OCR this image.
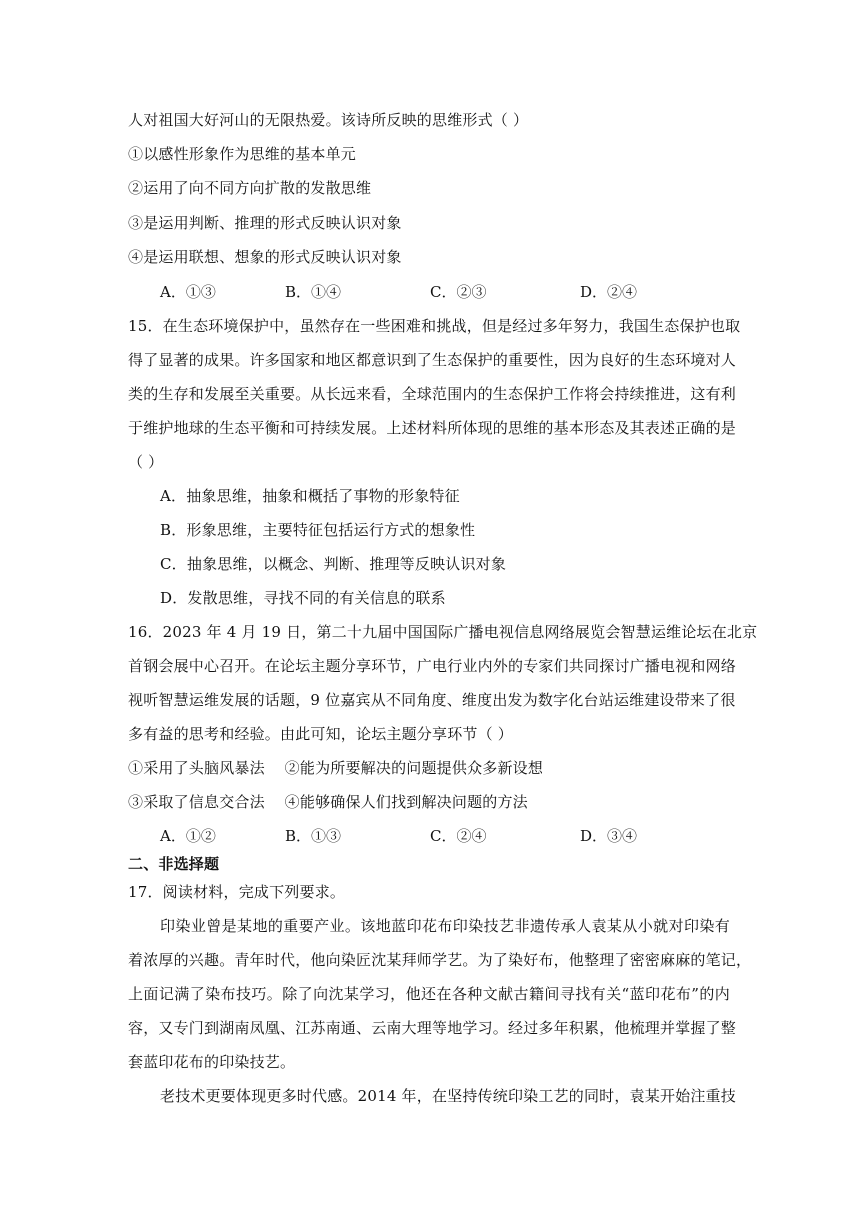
人对祖国大好河山的无限热爱。该诗所反映的思维形式（ ）
①以感性形象作为思维的基本单元
②运用了向不同方向扩散的发散思维
③是运用判断、推理的形式反映认识对象
④是运用联想、想象的形式反映认识对象
A．①③	B．①④	C．②③	D．②④
15．在生态环境保护中，虽然存在一些困难和挑战，但是经过多年努力，我国生态保护也取
得了显著的成果。许多国家和地区都意识到了生态保护的重要性，因为良好的生态环境对人
类的生存和发展至关重要。从长远来看，全球范围内的生态保护工作将会持续推进，这有利
于维护地球的生态平衡和可持续发展。上述材料所体现的思维的基本形态及其表述正确的是
（ ）
A．抽象思维，抽象和概括了事物的形象特征
B．形象思维，主要特征包括运行方式的想象性
C．抽象思维，以概念、判断、推理等反映认识对象
D．发散思维，寻找不同的有关信息的联系
16．2023 年 4 月 19 日，第二十九届中国国际广播电视信息网络展览会智慧运维论坛在北京
首钢会展中心召开。在论坛主题分享环节，广电行业内外的专家们共同探讨广播电视和网络
视听智慧运维发展的话题，9 位嘉宾从不同角度、维度出发为数字化台站运维建设带来了很
多有益的思考和经验。由此可知，论坛主题分享环节（ ）
①采用了头脑风暴法    ②能为所要解决的问题提供众多新设想
③采取了信息交合法    ④能够确保人们找到解决问题的方法
A．①②	B．①③	C．②④	D．③④
二、非选择题
17．阅读材料，完成下列要求。
印染业曾是某地的重要产业。该地蓝印花布印染技艺非遗传承人袁某从小就对印染有
着浓厚的兴趣。青年时代，他向染匠沈某拜师学艺。为了染好布，他整理了密密麻麻的笔记，
上面记满了染布技巧。除了向沈某学习，他还在各种文献古籍间寻找有关“蓝印花布”的内
容，又专门到湖南凤凰、江苏南通、云南大理等地学习。经过多年积累，他梳理并掌握了整
套蓝印花布的印染技艺。
老技术更要体现更多时代感。2014 年，在坚持传统印染工艺的同时，袁某开始注重技
